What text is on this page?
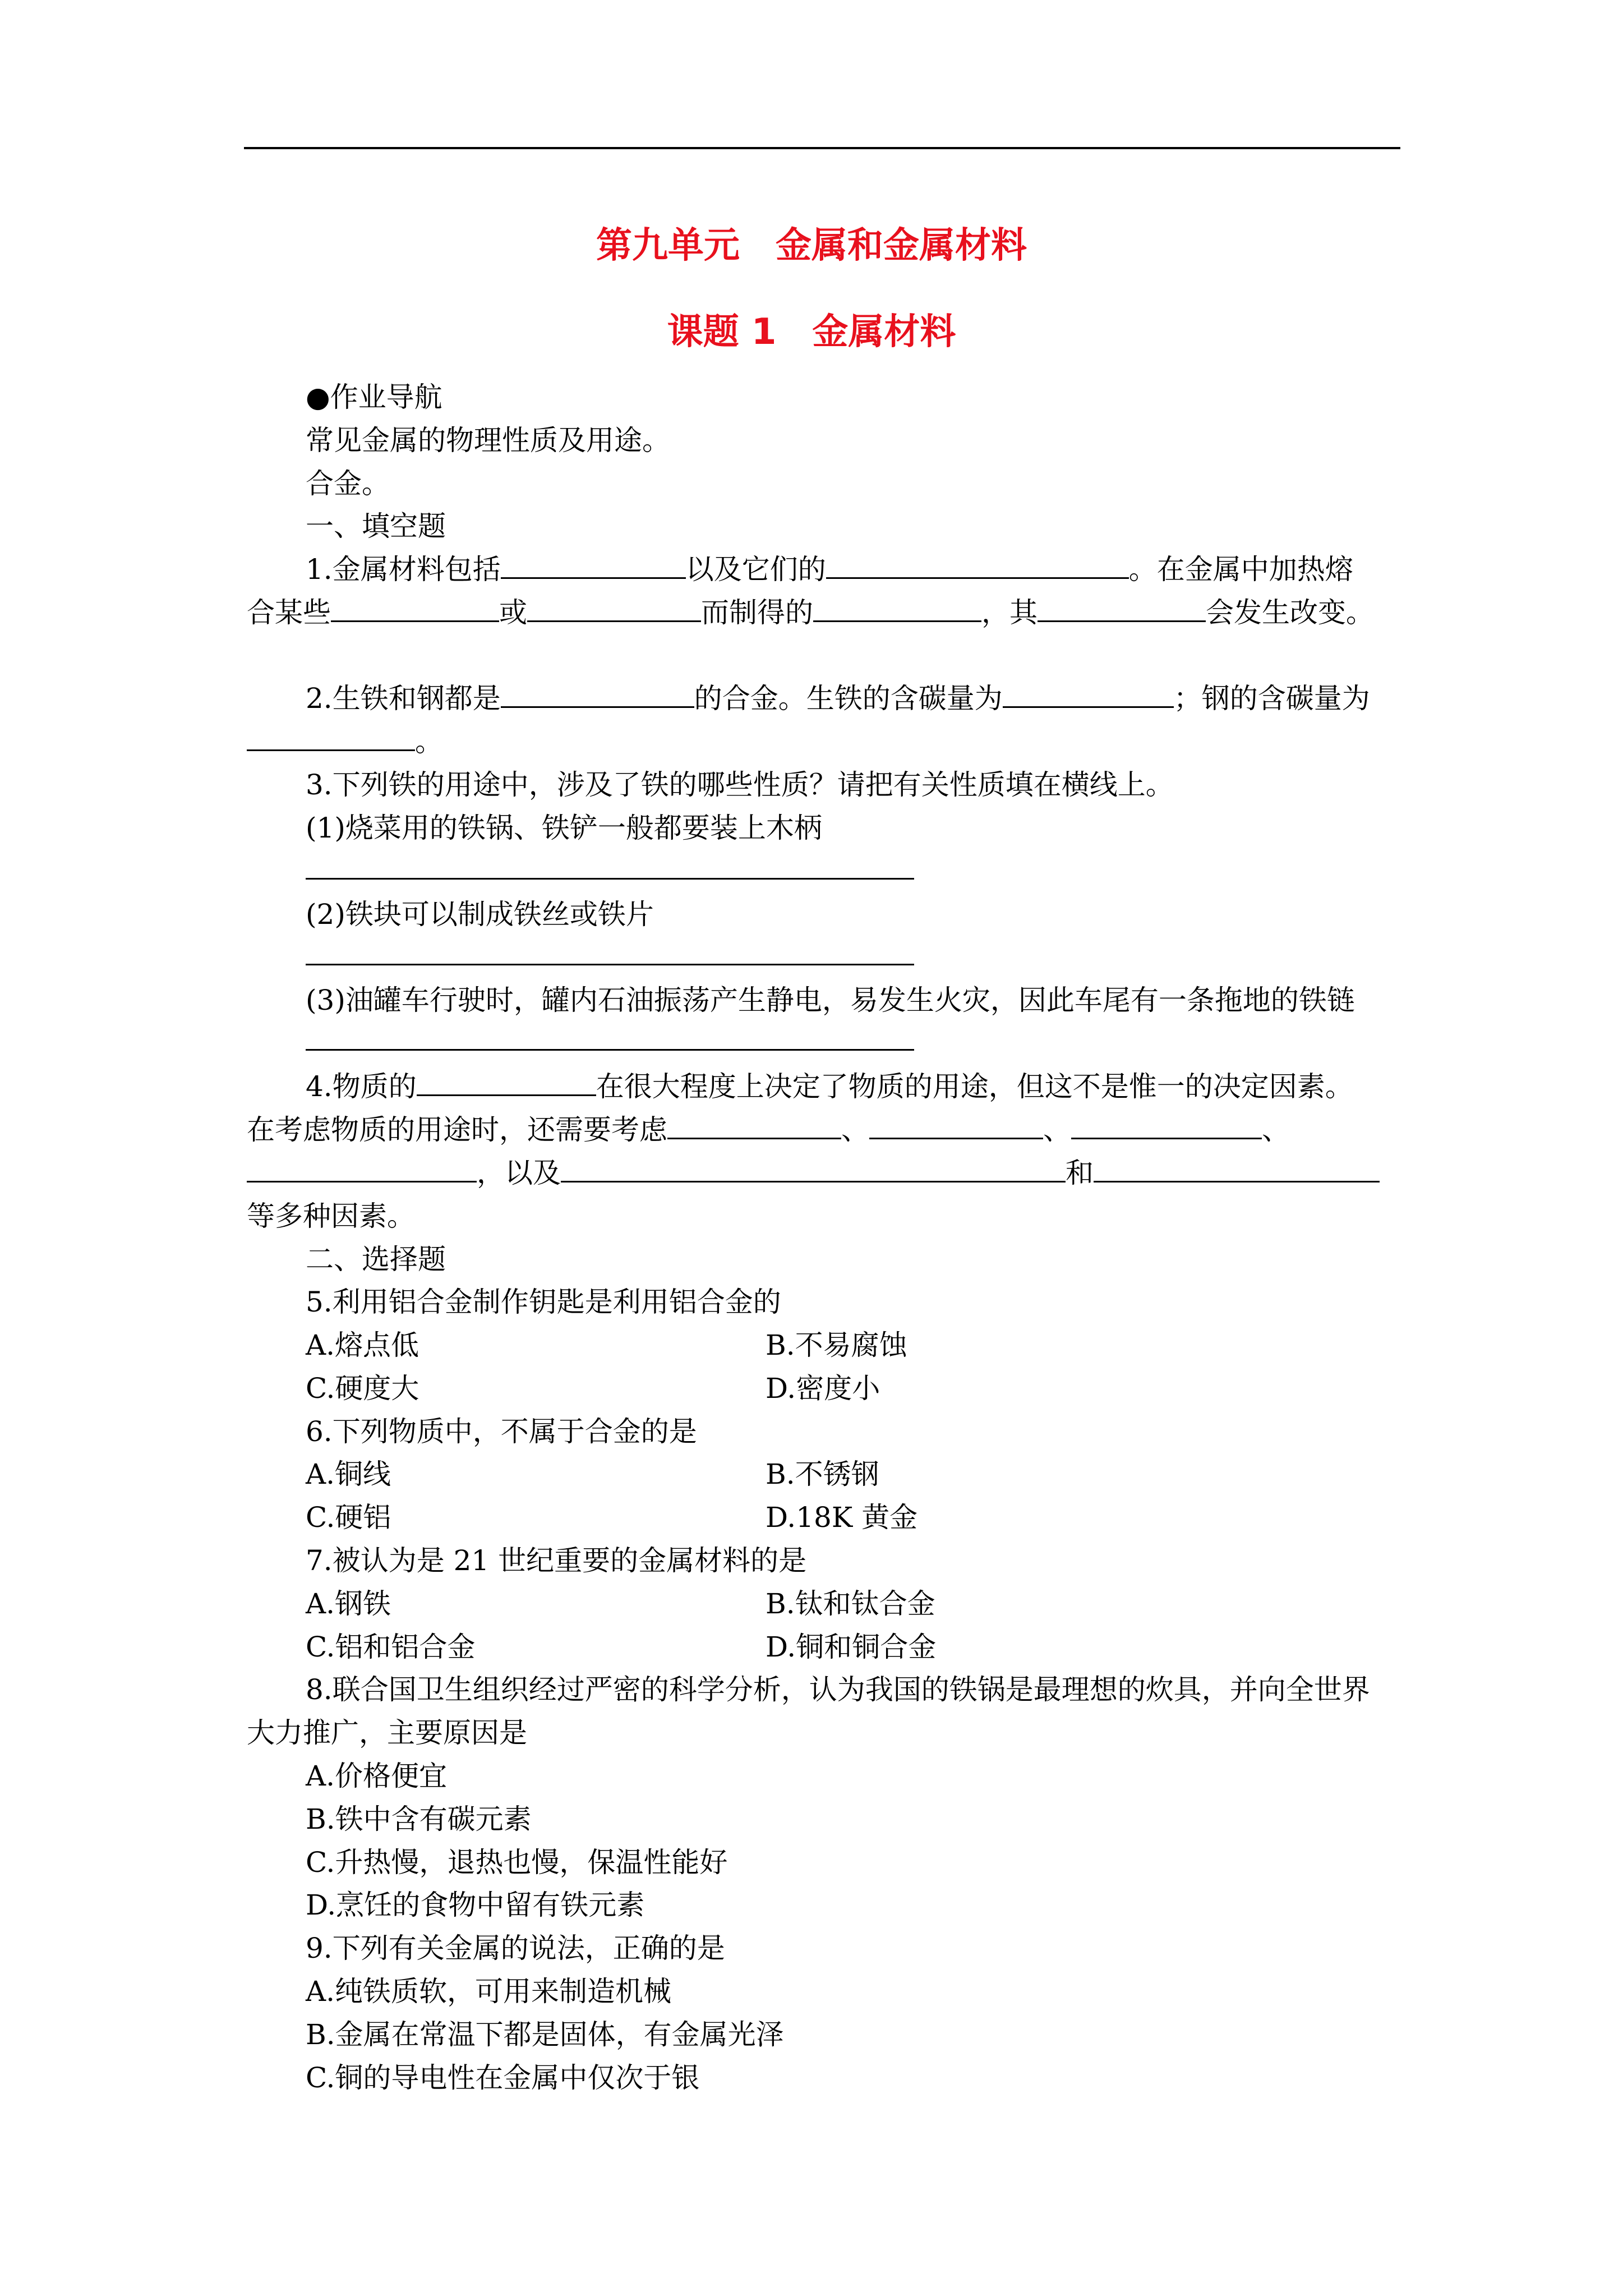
第九单元　金属和金属材料
课题 1　金属材料
●作业导航
常见金属的物理性质及用途。
合金。
一、填空题
1.金属材料包括	以及它们的	。在金属中加热熔
合某些	或	而制得的	，其	会发生改变。
2.生铁和钢都是	的合金。生铁的含碳量为	；钢的含碳量为
。
3.下列铁的用途中，涉及了铁的哪些性质？请把有关性质填在横线上。
(1)烧菜用的铁锅、铁铲一般都要装上木柄
(2)铁块可以制成铁丝或铁片
(3)油罐车行驶时，罐内石油振荡产生静电，易发生火灾，因此车尾有一条拖地的铁链
4.物质的	在很大程度上决定了物质的用途，但这不是惟一的决定因素。
在考虑物质的用途时，还需要考虑	、	、	、
，以及	和
等多种因素。
二、选择题
5.利用铝合金制作钥匙是利用铝合金的
A.熔点低	B.不易腐蚀
C.硬度大	D.密度小
6.下列物质中，不属于合金的是
A.铜线	B.不锈钢
C.硬铝	D.18K 黄金
7.被认为是 21 世纪重要的金属材料的是
A.钢铁	B.钛和钛合金
C.铝和铝合金	D.铜和铜合金
8.联合国卫生组织经过严密的科学分析，认为我国的铁锅是最理想的炊具，并向全世界
大力推广，主要原因是
A.价格便宜
B.铁中含有碳元素
C.升热慢，退热也慢，保温性能好
D.烹饪的食物中留有铁元素
9.下列有关金属的说法，正确的是
A.纯铁质软，可用来制造机械
B.金属在常温下都是固体，有金属光泽
C.铜的导电性在金属中仅次于银
